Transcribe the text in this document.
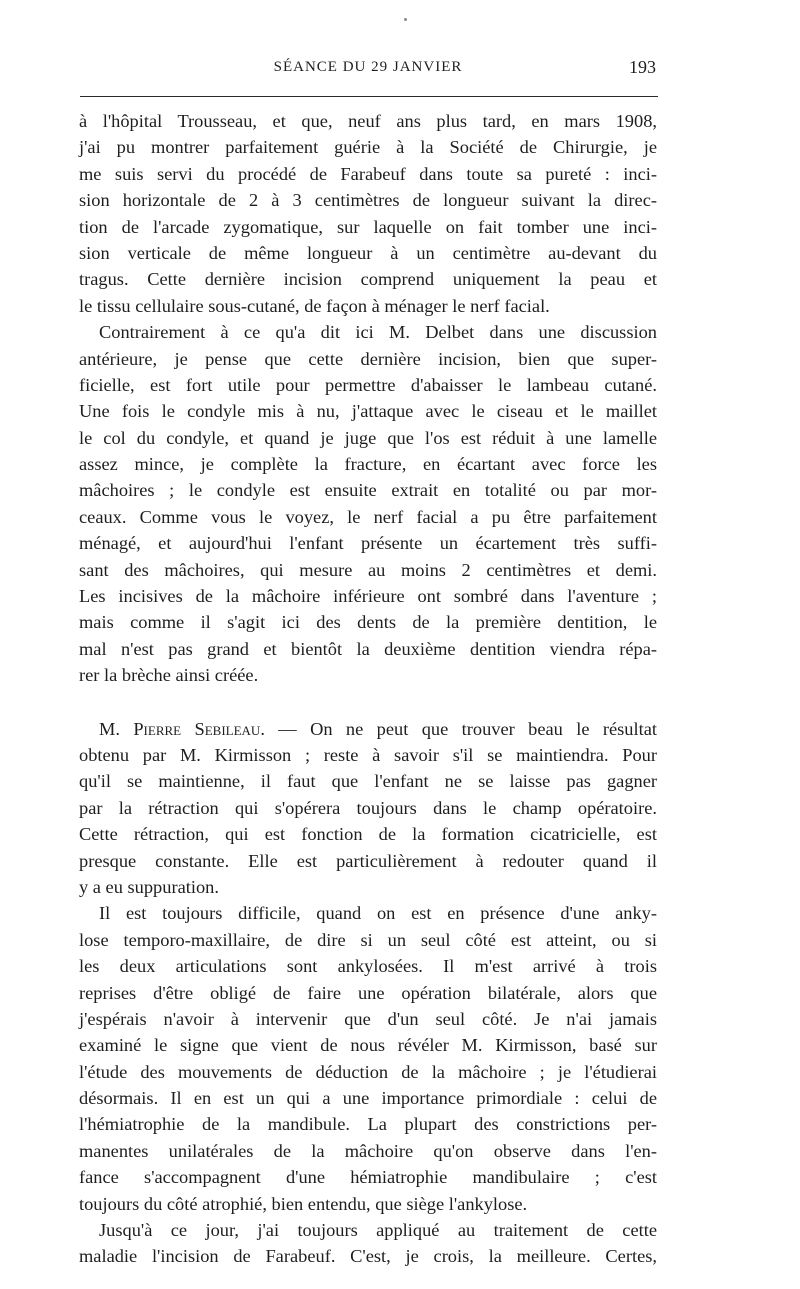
SÉANCE DU 29 JANVIER	193
à l'hôpital Trousseau, et que, neuf ans plus tard, en mars 1908,
j'ai pu montrer parfaitement guérie à la Société de Chirurgie, je
me suis servi du procédé de Farabeuf dans toute sa pureté : inci-
sion horizontale de 2 à 3 centimètres de longueur suivant la direc-
tion de l'arcade zygomatique, sur laquelle on fait tomber une inci-
sion verticale de même longueur à un centimètre au-devant du
tragus. Cette dernière incision comprend uniquement la peau et
le tissu cellulaire sous-cutané, de façon à ménager le nerf facial.
Contrairement à ce qu'a dit ici M. Delbet dans une discussion
antérieure, je pense que cette dernière incision, bien que super-
ficielle, est fort utile pour permettre d'abaisser le lambeau cutané.
Une fois le condyle mis à nu, j'attaque avec le ciseau et le maillet
le col du condyle, et quand je juge que l'os est réduit à une lamelle
assez mince, je complète la fracture, en écartant avec force les
mâchoires ; le condyle est ensuite extrait en totalité ou par mor-
ceaux. Comme vous le voyez, le nerf facial a pu être parfaitement
ménagé, et aujourd'hui l'enfant présente un écartement très suffi-
sant des mâchoires, qui mesure au moins 2 centimètres et demi.
Les incisives de la mâchoire inférieure ont sombré dans l'aventure ;
mais comme il s'agit ici des dents de la première dentition, le
mal n'est pas grand et bientôt la deuxième dentition viendra répa-
rer la brèche ainsi créée.
M. Pierre Sebileau. — On ne peut que trouver beau le résultat
obtenu par M. Kirmisson ; reste à savoir s'il se maintiendra. Pour
qu'il se maintienne, il faut que l'enfant ne se laisse pas gagner
par la rétraction qui s'opérera toujours dans le champ opératoire.
Cette rétraction, qui est fonction de la formation cicatricielle, est
presque constante. Elle est particulièrement à redouter quand il
y a eu suppuration.
Il est toujours difficile, quand on est en présence d'une anky-
lose temporo-maxillaire, de dire si un seul côté est atteint, ou si
les deux articulations sont ankylosées. Il m'est arrivé à trois
reprises d'être obligé de faire une opération bilatérale, alors que
j'espérais n'avoir à intervenir que d'un seul côté. Je n'ai jamais
examiné le signe que vient de nous révéler M. Kirmisson, basé sur
l'étude des mouvements de déduction de la mâchoire ; je l'étudierai
désormais. Il en est un qui a une importance primordiale : celui de
l'hémiatrophie de la mandibule. La plupart des constrictions per-
manentes unilatérales de la mâchoire qu'on observe dans l'en-
fance s'accompagnent d'une hémiatrophie mandibulaire ; c'est
toujours du côté atrophié, bien entendu, que siège l'ankylose.
Jusqu'à ce jour, j'ai toujours appliqué au traitement de cette
maladie l'incision de Farabeuf. C'est, je crois, la meilleure. Certes,
